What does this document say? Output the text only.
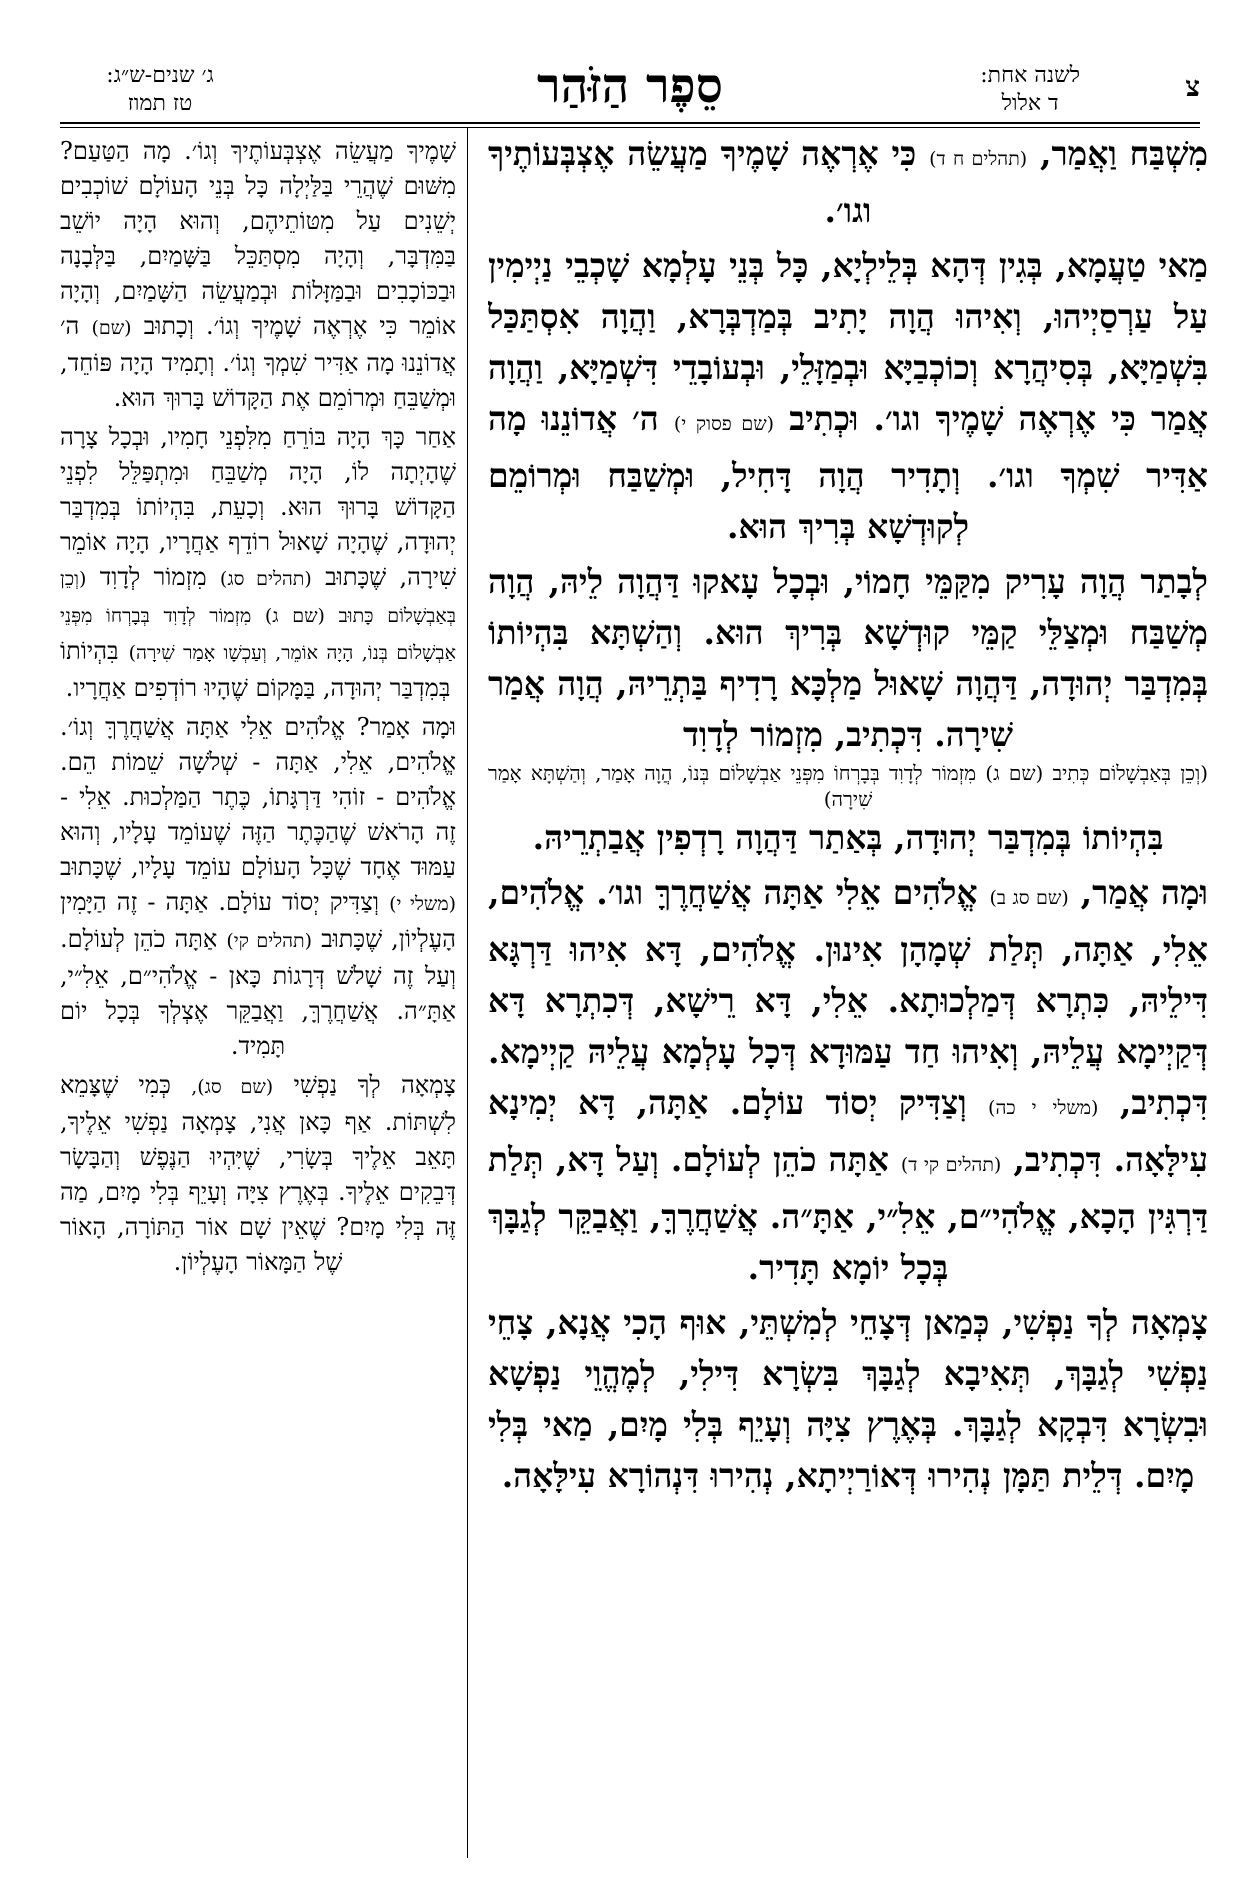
צ
לשנה אחת:
ד אלול
סֵפֶר הַזֹּהַר
ג׳ שנים-ש״ג:
טז תמוז

מִשְׁבַּח וַאֲמַר, (תהלים ח ד) כִּי אֶרְאֶה שָׁמֶיךָ מַעֲשֵׂה אֶצְבְּעוֹתֶיךָ וגו׳.

מַאי טַעֲמָא, בְּגִין דְּהָא בְּלֵילְיָא, כָּל בְּנֵי עָלְמָא שָׁכְבֵי נַיְימִין עַל עַרְסַיְיהוּ, וְאִיהוּ הֲוָה יָתִיב בְּמַדְבְּרָא, וַהֲוָה אִסְתַּכַּל בִּשְׁמַיָּא, בְּסִיהֲרָא וְכוֹכְבַיָּא וּבְמַזָּלֵי, וּבְעוֹבָדֵי דִּשְׁמַיָּא, וַהֲוָה אֲמַר כִּי אֶרְאֶה שָׁמֶיךָ וגו׳. וּכְתִיב (שם פסוק י) ה׳ אֲדוֹנֵנוּ מָה אַדִּיר שִׁמְךָ וגו׳. וְתָדִיר הֲוָה דָּחִיל, וּמְשַׁבַּח וּמְרוֹמֵם לְקוּדְשָׁא בְּרִיךְ הוּא.

לְבָתַר הֲוָה עָרִיק מִקַּמֵּי חָמוֹי, וּבְכָל עָאקוּ דַּהֲוָה לֵיהּ, הֲוָה מְשַׁבַּח וּמְצַלֵּי קַמֵּי קוּדְשָׁא בְּרִיךְ הוּא. וְהַשְׁתָּא בִּהְיוֹתוֹ בְּמִדְבַּר יְהוּדָה, דַּהֲוָה שָׁאוּל מַלְכָּא רָדִיף בַּתְרֵיהּ, הֲוָה אֲמַר שִׁירָה. דִּכְתִיב, מִזְמוֹר לְדָוִד
(וְכֵן בְּאַבְשָׁלוֹם כְּתִיב (שם ג) מִזְמוֹר לְדָוִד בְּבָרְחוֹ מִפְּנֵי אַבְשָׁלוֹם בְּנוֹ, הֲוָה אָמַר, וְהַשְׁתָּא אָמַר שִׁירָה)
בִּהְיוֹתוֹ בְּמִדְבַּר יְהוּדָה, בְּאַתַר דַּהֲוָה רָדְפִין אֲבַתְרֵיהּ.

וּמָה אֲמַר, (שם סג ב) אֱלֹהִים אֵלִי אַתָּה אֲשַׁחֲרֶךָּ וגו׳. אֱלֹהִים, אֵלִי, אַתָּה, תְּלַת שְׁמָהָן אִינוּן. אֱלֹהִים, דָּא אִיהוּ דַּרְגָּא דִּילֵיהּ, כִּתְרָא דְּמַלְכוּתָא. אֵלִי, דָּא רֵישָׁא, דְּכִתְרָא דָּא דְּקַיְימָא עֲלֵיהּ, וְאִיהוּ חַד עַמּוּדָא דְּכָל עָלְמָא עֲלֵיהּ קַיְימָא. דִּכְתִיב, (משלי י כה) וְצַדִּיק יְסוֹד עוֹלָם. אַתָּה, דָּא יְמִינָא עִילָּאָה. דִּכְתִיב, (תהלים קי ד) אַתָּה כֹהֵן לְעוֹלָם. וְעַל דָּא, תְּלַת דַּרְגִּין הָכָא, אֱלֹהִי״ם, אֵלִ״י, אַתָּ״ה. אֲשַׁחֲרֶךָּ, וַאֲבַקֵּר לְגַבָּךְ בְּכָל יוֹמָא תָּדִיר.

צָמְאָה לְךָ נַפְשִׁי, כְּמַאן דְּצָחֵי לְמִשְׁתֵּי, אוּף הָכִי אֲנָא, צָחֵי נַפְשִׁי לְגַבָּךְ, תְּאִיבָא לְגַבָּךְ בִּשְׂרָא דִּילִי, לְמֶהֱוֵי נַפְשָׁא וּבִשְׂרָא דִּבְקָא לְגַבָּךְ. בְּאֶרֶץ צִיָּה וְעָיֵף בְּלִי מָיִם, מַאי בְּלִי מָיִם. דְּלֵית תַּמָּן נְהִירוּ דְּאוֹרַיְיתָא, נְהִירוּ דִּנְהוֹרָא עִילָּאָה.

שָׁמֶיךָ מַעֲשֵׂה אֶצְבְּעוֹתֶיךָ וְגוֹ׳. מָה הַטַּעַם? מִשּׁוּם שֶׁהֲרֵי בַּלַּיְלָה כָּל בְּנֵי הָעוֹלָם שׁוֹכְבִים יְשֵׁנִים עַל מִטּוֹתֵיהֶם, וְהוּא הָיָה יוֹשֵׁב בַּמִּדְבָּר, וְהָיָה מִסְתַּכֵּל בַּשָּׁמַיִם, בַּלְּבָנָה וּבַכּוֹכָבִים וּבַמַּזָּלוֹת וּבְמַעֲשֵׂה הַשָּׁמַיִם, וְהָיָה אוֹמֵר כִּי אֶרְאֶה שָׁמֶיךָ וְגוֹ׳. וְכָתוּב (שם) ה׳ אֲדוֹנֵנוּ מָה אַדִּיר שִׁמְךָ וְגוֹ׳. וְתָמִיד הָיָה פּוֹחֵד, וּמְשַׁבֵּחַ וּמְרוֹמֵם אֶת הַקָּדוֹשׁ בָּרוּךְ הוּא.

אַחַר כָּךְ הָיָה בּוֹרֵחַ מִלִּפְנֵי חָמִיו, וּבְכָל צָרָה שֶׁהָיְתָה לוֹ, הָיָה מְשַׁבֵּחַ וּמִתְפַּלֵּל לִפְנֵי הַקָּדוֹשׁ בָּרוּךְ הוּא. וְכָעֵת, בִּהְיוֹתוֹ בְּמִדְבַּר יְהוּדָה, שֶׁהָיָה שָׁאוּל רוֹדֵף אַחֲרָיו, הָיָה אוֹמֵר שִׁירָה, שֶׁכָּתוּב (תהלים סג) מִזְמוֹר לְדָוִד (וְכֵן בְּאַבְשָׁלוֹם כָּתוּב (שם ג) מִזְמוֹר לְדָוִד בְּבָרְחוֹ מִפְּנֵי אַבְשָׁלוֹם בְּנוֹ, הָיָה אוֹמֵר, וְעַכְשָׁו אָמַר שִׁירָה) בִּהְיוֹתוֹ בְּמִדְבַּר יְהוּדָה, בַּמָּקוֹם שֶׁהָיוּ רוֹדְפִים אַחֲרָיו.

וּמָה אָמַר? אֱלֹהִים אֵלִי אַתָּה אֲשַׁחֲרֶךָּ וְגוֹ׳. אֱלֹהִים, אֵלִי, אַתָּה - שְׁלֹשָׁה שֵׁמוֹת הֵם. אֱלֹהִים - זוֹהִי דַּרְגָּתוֹ, כֶּתֶר הַמַּלְכוּת. אֵלִי - זֶה הָרֹאשׁ שֶׁהַכֶּתֶר הַזֶּה שֶׁעוֹמֵד עָלָיו, וְהוּא עַמּוּד אֶחָד שֶׁכָּל הָעוֹלָם עוֹמֵד עָלָיו, שֶׁכָּתוּב (משלי י) וְצַדִּיק יְסוֹד עוֹלָם. אַתָּה - זֶה הַיָּמִין הָעֶלְיוֹן, שֶׁכָּתוּב (תהלים קי) אַתָּה כֹהֵן לְעוֹלָם. וְעַל זֶה שָׁלֹשׁ דְּרָגוֹת כָּאן - אֱלֹהִי״ם, אֵלִ״י, אַתָּ״ה. אֲשַׁחֲרֶךָּ, וַאֲבַקֵּר אֶצְלְךָ בְּכָל יוֹם תָּמִיד.

צָמְאָה לְךָ נַפְשִׁי (שם סג), כְּמִי שֶׁצָּמֵא לִשְׁתּוֹת. אַף כָּאן אֲנִי, צָמְאָה נַפְשִׁי אֵלֶיךָ, תָּאֵב אֵלֶיךָ בְּשָׂרִי, שֶׁיִּהְיוּ הַנֶּפֶשׁ וְהַבָּשָׂר דְּבֵקִים אֵלֶיךָ. בְּאֶרֶץ צִיָּה וְעָיֵף בְּלִי מָיִם, מַה זֶּה בְּלִי מָיִם? שֶׁאֵין שָׁם אוֹר הַתּוֹרָה, הָאוֹר שֶׁל הַמָּאוֹר הָעֶלְיוֹן.
